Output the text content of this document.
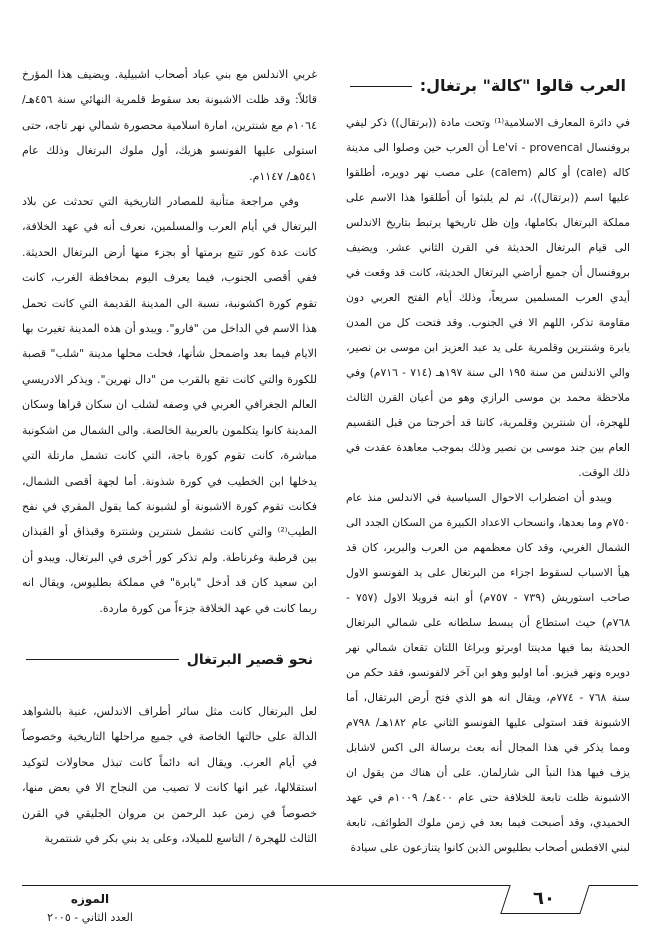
العرب قالوا "كالة" برتغال:

في دائرة المعارف الاسلامية⁽¹⁾ وتحت مادة ((برتقال)) ذكر ليفي بروفنسال Le'vi - provencal أن العرب حين وصلوا الى مدينة كاله (cale) أو كالم (calem) على مصب نهر دويره، أطلقوا عليها اسم ((برتقال))، ثم لم يلبثوا أن أطلقوا هذا الاسم على مملكة البرتغال بكاملها، وإن ظل تاريخها يرتبط بتاريخ الاندلس الى قيام البرتغال الحديثة في القرن الثاني عشر. ويضيف بروفنسال أن جميع أراضي البرتغال الحديثة، كانت قد وقعت في أيدي العرب المسلمين سريعاً، وذلك أيام الفتح العربي دون مقاومة تذكر، اللهم الا في الجنوب. وقد فتحت كل من المدن يابرة وشنترين وقلمرية على يد عبد العزيز ابن موسى بن نصير، والي الاندلس من سنة ١٩٥ الى سنة ١٩٧هـ (٧١٤ - ٧١٦م) وفي ملاحظة محمد بن موسى الرازي وهو من أعيان القرن الثالث للهجرة، أن شنترين وقلمرية، كانتا قد أخرجتا من قبل التقسيم العام بين جند موسى بن نصير وذلك بموجب معاهدة عقدت في ذلك الوقت.

ويبدو أن اضطراب الاحوال السياسية في الاندلس منذ عام ٧٥٠م وما بعدها، وانسحاب الاعداد الكبيرة من السكان الجدد الى الشمال الغربي، وقد كان معظمهم من العرب والبربر، كان قد هيأ الاسباب لسقوط اجزاء من البرتغال على يد الفونسو الاول صاحب استوريش (٧٣٩ - ٧٥٧م) أو ابنه فرويلا الاول (٧٥٧ - ٧٦٨م) حيث استطاع أن يبسط سلطانه على شمالي البرتغال الحديثة بما فيها مدينتا اوبرتو وبراغا اللتان تقعان شمالي نهر دويره ونهر فيزيو. أما اوليو وهو ابن آخر لالفونسو، فقد حكم من سنة ٧٦٨ - ٧٧٤م، ويقال انه هو الذي فتح أرض البرتقال، أما الاشبونة فقد استولى عليها الفونسو الثاني عام ١٨٢هـ/ ٧٩٨م ومما يذكر في هذا المجال أنه بعث برسالة الى اكس لاشابل يزف فيها هذا النبأ الى شارلمان. على أن هناك من يقول ان الاشبونة ظلت تابعة للخلافة حتى عام ٤٠٠هـ/ ١٠٠٩م في عهد الحميدي، وقد أصبحت فيما بعد في زمن ملوك الطوائف، تابعة لبني الافطس أصحاب بطليوس الذين كانوا يتنازعون على سيادة

غربي الاندلس مع بني عباد أصحاب اشبيلية. ويضيف هذا المؤرخ قائلاً: وقد ظلت الاشبونة بعد سقوط قلمرية النهائي سنة ٤٥٦هـ/ ١٠٦٤م مع شنترين، امارة اسلامية محصورة شمالي نهر تاجه، حتى استولى عليها الفونسو هزيك، أول ملوك البرتغال وذلك عام ٥٤١هـ/ ١١٤٧م.

وفي مراجعة متأنية للمصادر التاريخية التي تحدثت عن بلاد البرتغال في أيام العرب والمسلمين، نعرف أنه في عهد الخلافة، كانت عدة كور تتبع برمتها أو بجزء منها أرض البرتغال الحديثة. ففي أقصى الجنوب، فيما يعرف اليوم بمحافظة الغرب، كانت تقوم كورة اكشونبة، نسبة الى المدينة القديمة التي كانت تحمل هذا الاسم في الداخل من "فارو". ويبدو أن هذه المدينة تغيرت بها الايام فيما بعد واضمحل شأنها، فحلت محلها مدينة "شلب" قصبة للكورة والتي كانت تقع بالقرب من "دال نهرين". ويذكر الادريسي العالم الجغرافي العربي في وصفه لشلب ان سكان قراها وسكان المدينة كانوا يتكلمون بالعربية الخالصة. والى الشمال من اشكونبة مباشرة، كانت تقوم كورة باجة، التي كانت تشمل مارتلة التي يدخلها ابن الخطيب في كورة شذونة. أما لجهة أقصى الشمال، فكانت تقوم كورة الاشبونة أو لشبونة كما يقول المقري في نفح الطيب⁽²⁾ والتي كانت تشمل شنترين وشنترة وقبذاق أو القبذان بين قرطبة وغرناطة. ولم تذكر كور أخرى في البرتغال. ويبدو أن ابن سعيد كان قد أدخل "يابرة" في مملكة بطليوس، ويقال انه ربما كانت في عهد الخلافة جزءاً من كورة ماردة.

نحو قصير البرتغال

لعل البرتغال كانت مثل سائر أطراف الاندلس، غنية بالشواهد الدالة على حالتها الخاصة في جميع مراحلها التاريخية وخصوصاً في أيام العرب. ويقال انه دائماً كانت تبذل محاولات لتوكيد استقلالها، غير انها كانت لا تصيب من النجاح الا في بعض منها، خصوصاً في زمن عبد الرحمن بن مروان الجليقي في القرن الثالث للهجرة / التاسع للميلاد، وعلى يد بني بكر في شنتمرية

٦٠
الموزه
العدد الثاني - ٢٠٠٥
